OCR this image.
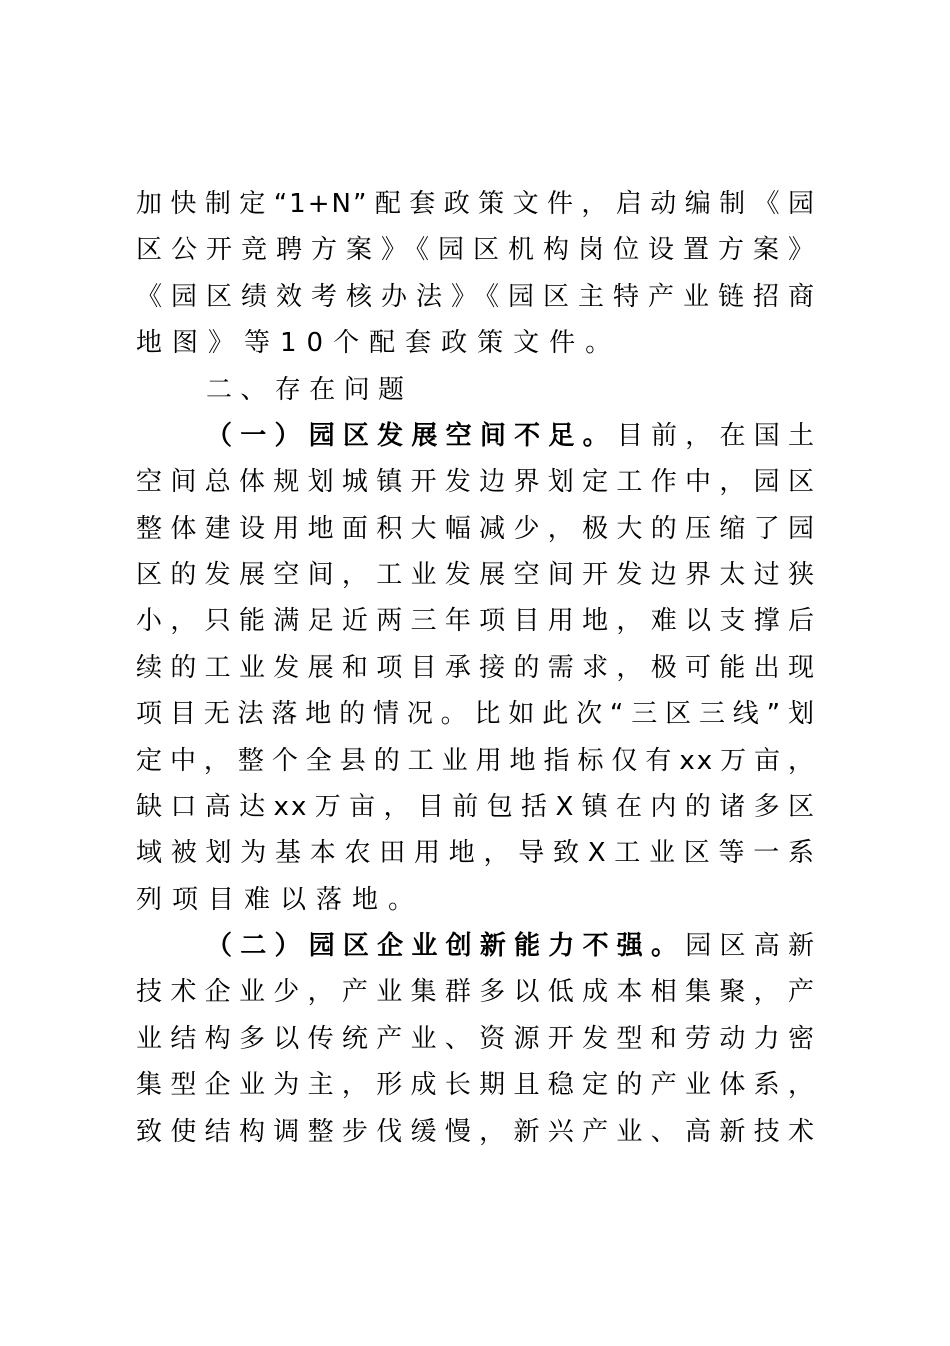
加快制定“1+N”配套政策文件，启动编制《园
区公开竞聘方案》《园区机构岗位设置方案》
《园区绩效考核办法》《园区主特产业链招商
地图》等10个配套政策文件。
二、存在问题
（一）园区发展空间不足。目前，在国土
空间总体规划城镇开发边界划定工作中，园区
整体建设用地面积大幅减少，极大的压缩了园
区的发展空间，工业发展空间开发边界太过狭
小，只能满足近两三年项目用地，难以支撑后
续的工业发展和项目承接的需求，极可能出现
项目无法落地的情况。比如此次“三区三线”划
定中，整个全县的工业用地指标仅有xx万亩，
缺口高达xx万亩，目前包括X镇在内的诸多区
域被划为基本农田用地，导致X工业区等一系
列项目难以落地。
（二）园区企业创新能力不强。园区高新
技术企业少，产业集群多以低成本相集聚，产
业结构多以传统产业、资源开发型和劳动力密
集型企业为主，形成长期且稳定的产业体系，
致使结构调整步伐缓慢，新兴产业、高新技术
